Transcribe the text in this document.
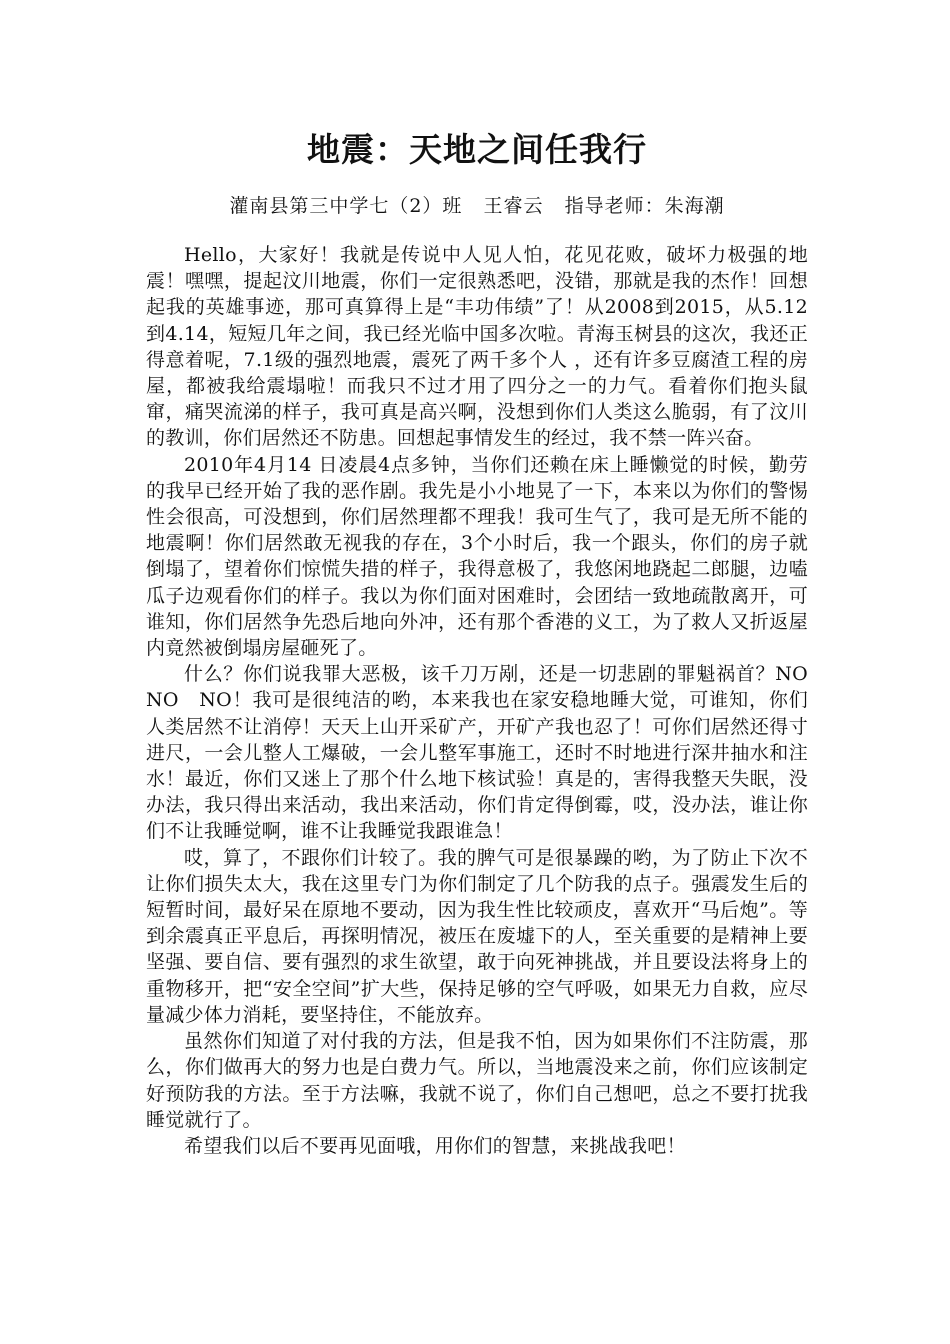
地震：天地之间任我行
灌南县第三中学七（2）班   王睿云   指导老师：朱海潮

Hello，大家好！我就是传说中人见人怕，花见花败，破坏力极强的地震！嘿嘿，提起汶川地震，你们一定很熟悉吧，没错，那就是我的杰作！回想起我的英雄事迹，那可真算得上是“丰功伟绩”了！从2008到2015，从5.12到4.14，短短几年之间，我已经光临中国多次啦。青海玉树县的这次，我还正得意着呢，7.1级的强烈地震，震死了两千多个人 ，还有许多豆腐渣工程的房屋，都被我给震塌啦！而我只不过才用了四分之一的力气。看着你们抱头鼠窜，痛哭流涕的样子，我可真是高兴啊，没想到你们人类这么脆弱，有了汶川的教训，你们居然还不防患。回想起事情发生的经过，我不禁一阵兴奋。

2010年4月14 日凌晨4点多钟，当你们还赖在床上睡懒觉的时候，勤劳的我早已经开始了我的恶作剧。我先是小小地晃了一下，本来以为你们的警惕性会很高，可没想到，你们居然理都不理我！我可生气了，我可是无所不能的地震啊！你们居然敢无视我的存在，3个小时后，我一个跟头，你们的房子就倒塌了，望着你们惊慌失措的样子，我得意极了，我悠闲地跷起二郎腿，边嗑瓜子边观看你们的样子。我以为你们面对困难时，会团结一致地疏散离开，可谁知，你们居然争先恐后地向外冲，还有那个香港的义工，为了救人又折返屋内竟然被倒塌房屋砸死了。

什么？你们说我罪大恶极，该千刀万剐，还是一切悲剧的罪魁祸首？NO　NO　NO！我可是很纯洁的哟，本来我也在家安稳地睡大觉，可谁知，你们人类居然不让消停！天天上山开采矿产，开矿产我也忍了！可你们居然还得寸进尺，一会儿整人工爆破，一会儿整军事施工，还时不时地进行深井抽水和注水！最近，你们又迷上了那个什么地下核试验！真是的，害得我整天失眠，没办法，我只得出来活动，我出来活动，你们肯定得倒霉，哎，没办法，谁让你们不让我睡觉啊，谁不让我睡觉我跟谁急！

哎，算了，不跟你们计较了。我的脾气可是很暴躁的哟，为了防止下次不让你们损失太大，我在这里专门为你们制定了几个防我的点子。强震发生后的短暂时间，最好呆在原地不要动，因为我生性比较顽皮，喜欢开“马后炮”。等到余震真正平息后，再探明情况，被压在废墟下的人，至关重要的是精神上要坚强、要自信、要有强烈的求生欲望，敢于向死神挑战，并且要设法将身上的重物移开，把“安全空间”扩大些，保持足够的空气呼吸，如果无力自救，应尽量减少体力消耗，要坚持住，不能放弃。

虽然你们知道了对付我的方法，但是我不怕，因为如果你们不注防震，那么，你们做再大的努力也是白费力气。所以，当地震没来之前，你们应该制定好预防我的方法。至于方法嘛，我就不说了，你们自己想吧，总之不要打扰我睡觉就行了。

希望我们以后不要再见面哦，用你们的智慧，来挑战我吧！
